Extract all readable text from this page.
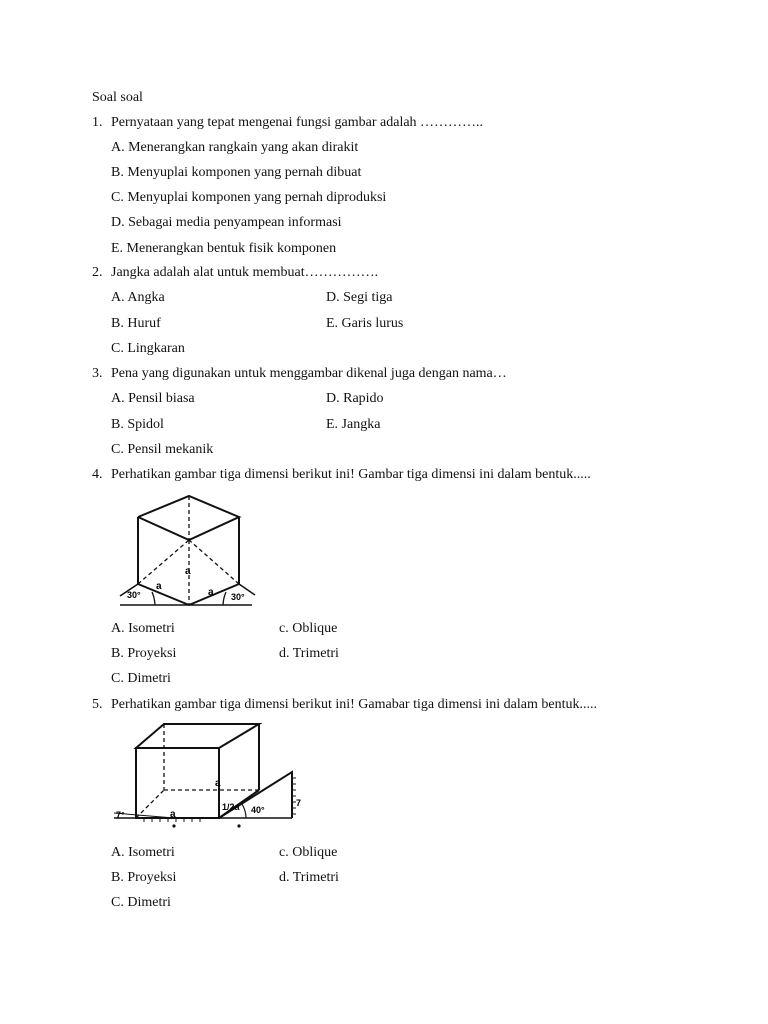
Soal soal
1. Pernyataan yang tepat mengenai fungsi gambar adalah …………..
A. Menerangkan rangkain yang akan dirakit
B. Menyuplai komponen yang pernah dibuat
C. Menyuplai komponen yang pernah diproduksi
D. Sebagai media penyampean informasi
E. Menerangkan bentuk fisik komponen
2. Jangka adalah alat untuk membuat…………….
A. Angka	D. Segi tiga
B. Huruf	E. Garis lurus
C. Lingkaran
3. Pena yang digunakan untuk menggambar dikenal juga dengan nama…
A. Pensil biasa	D. Rapido
B. Spidol	E. Jangka
C. Pensil mekanik
4. Perhatikan gambar tiga dimensi berikut ini! Gambar tiga dimensi ini dalam bentuk.....
a
a
a
30°	30°
A. Isometri	c. Oblique
B. Proyeksi	d. Trimetri
C. Dimetri
5. Perhatikan gambar tiga dimensi berikut ini! Gamabar tiga dimensi ini dalam bentuk.....
a
1/2a
a
7°	40°
7
A. Isometri	c. Oblique
B. Proyeksi	d. Trimetri
C. Dimetri
